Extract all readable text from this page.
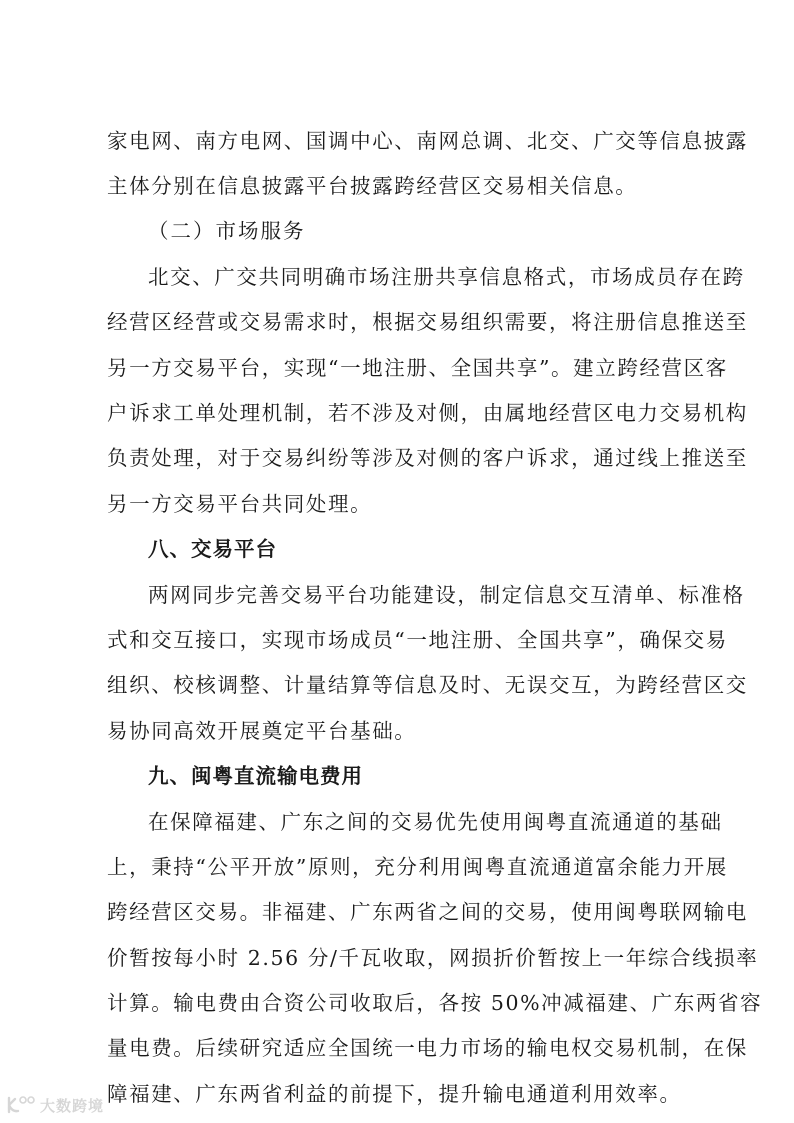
家电网、南方电网、国调中心、南网总调、北交、广交等信息披露
主体分别在信息披露平台披露跨经营区交易相关信息。
（二）市场服务
北交、广交共同明确市场注册共享信息格式，市场成员存在跨
经营区经营或交易需求时，根据交易组织需要，将注册信息推送至
另一方交易平台，实现“一地注册、全国共享”。建立跨经营区客
户诉求工单处理机制，若不涉及对侧，由属地经营区电力交易机构
负责处理，对于交易纠纷等涉及对侧的客户诉求，通过线上推送至
另一方交易平台共同处理。
八、交易平台
两网同步完善交易平台功能建设，制定信息交互清单、标准格
式和交互接口，实现市场成员“一地注册、全国共享”，确保交易
组织、校核调整、计量结算等信息及时、无误交互，为跨经营区交
易协同高效开展奠定平台基础。
九、闽粤直流输电费用
在保障福建、广东之间的交易优先使用闽粤直流通道的基础
上，秉持“公平开放”原则，充分利用闽粤直流通道富余能力开展
跨经营区交易。非福建、广东两省之间的交易，使用闽粤联网输电
价暂按每小时 2.56 分/千瓦收取，网损折价暂按上一年综合线损率
计算。输电费由合资公司收取后，各按 50%冲减福建、广东两省容
量电费。后续研究适应全国统一电力市场的输电权交易机制，在保
障福建、广东两省利益的前提下，提升输电通道利用效率。
大数跨境
